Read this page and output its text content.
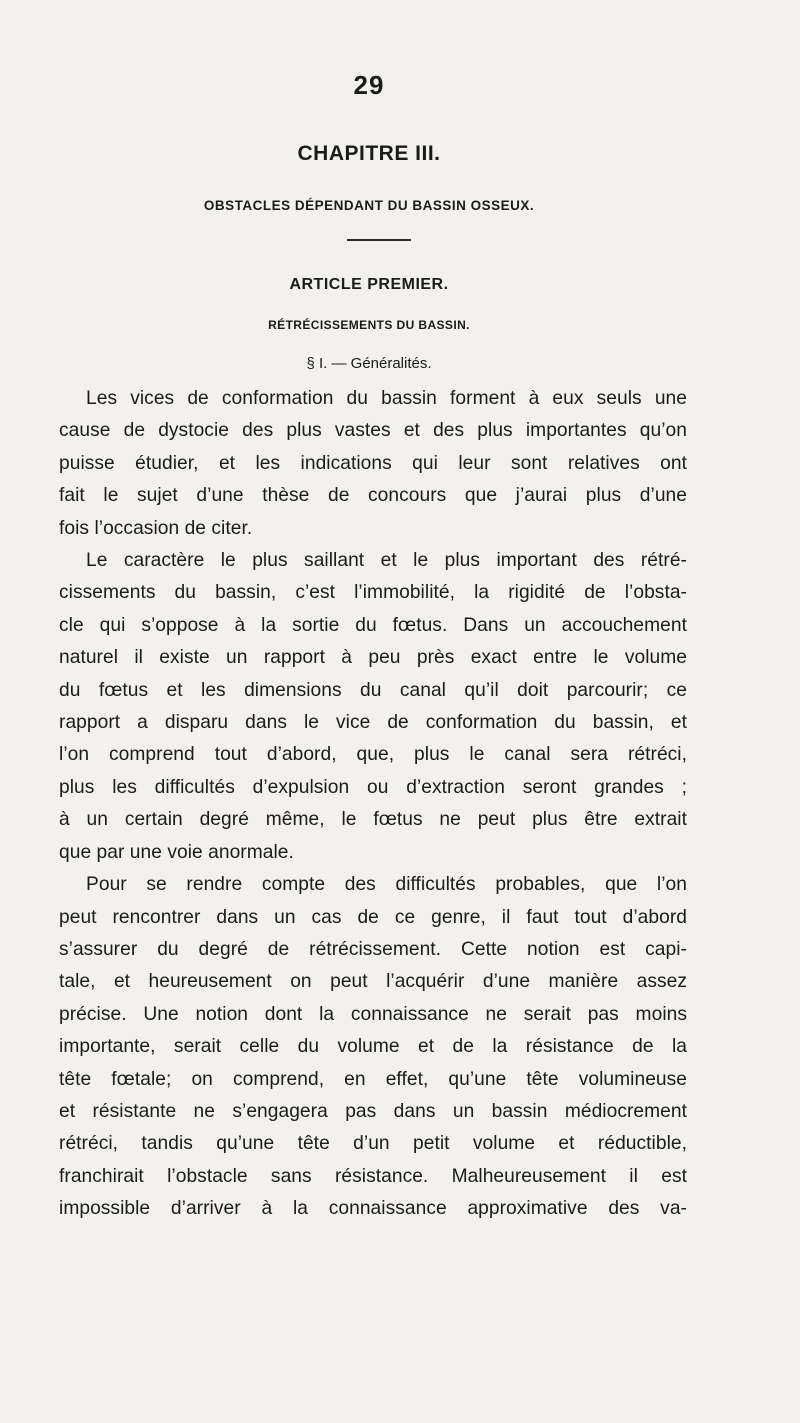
29
CHAPITRE III.
OBSTACLES DÉPENDANT DU BASSIN OSSEUX.
ARTICLE PREMIER.
RÉTRÉCISSEMENTS DU BASSIN.
§ I. — Généralités.
Les vices de conformation du bassin forment à eux seuls une
cause de dystocie des plus vastes et des plus importantes qu’on
puisse étudier, et les indications qui leur sont relatives ont
fait le sujet d’une thèse de concours que j’aurai plus d’une
fois l’occasion de citer.
Le caractère le plus saillant et le plus important des rétré-
cissements du bassin, c’est l’immobilité, la rigidité de l’obsta-
cle qui s’oppose à la sortie du fœtus. Dans un accouchement
naturel il existe un rapport à peu près exact entre le volume
du fœtus et les dimensions du canal qu’il doit parcourir; ce
rapport a disparu dans le vice de conformation du bassin, et
l’on comprend tout d’abord, que, plus le canal sera rétréci,
plus les difficultés d’expulsion ou d’extraction seront grandes ;
à un certain degré même, le fœtus ne peut plus être extrait
que par une voie anormale.
Pour se rendre compte des difficultés probables, que l’on
peut rencontrer dans un cas de ce genre, il faut tout d’abord
s’assurer du degré de rétrécissement. Cette notion est capi-
tale, et heureusement on peut l’acquérir d’une manière assez
précise. Une notion dont la connaissance ne serait pas moins
importante, serait celle du volume et de la résistance de la
tête fœtale; on comprend, en effet, qu’une tête volumineuse
et résistante ne s’engagera pas dans un bassin médiocrement
rétréci, tandis qu’une tête d’un petit volume et réductible,
franchirait l’obstacle sans résistance. Malheureusement il est
impossible d’arriver à la connaissance approximative des va-
